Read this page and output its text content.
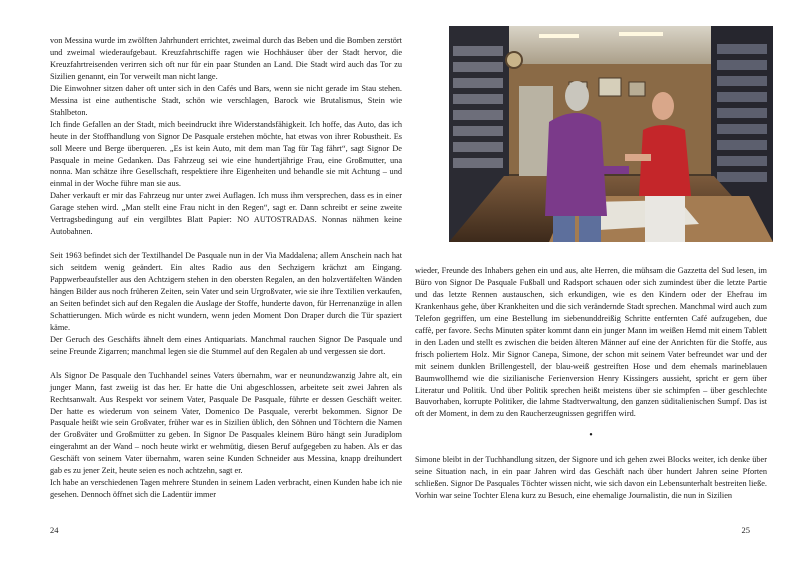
von Messina wurde im zwölften Jahrhundert errichtet, zweimal durch das Beben und die Bomben zerstört und zweimal wiederaufgebaut. Kreuzfahrtschiffe ragen wie Hochhäuser über der Stadt hervor, die Kreuzfahrtreisenden verirren sich oft nur für ein paar Stunden an Land. Die Stadt wird auch das Tor zu Sizilien genannt, ein Tor verweilt man nicht lange.

Die Einwohner sitzen daher oft unter sich in den Cafés und Bars, wenn sie nicht gerade im Stau stehen. Messina ist eine authentische Stadt, schön wie verschlagen, Barock wie Brutalismus, Stein wie Stahlbeton.

Ich finde Gefallen an der Stadt, mich beeindruckt ihre Widerstandsfähigkeit. Ich hoffe, das Auto, das ich heute in der Stoffhandlung von Signor De Pasquale erstehen möchte, hat etwas von ihrer Robustheit. Es soll Meere und Berge überqueren. „Es ist kein Auto, mit dem man Tag für Tag fährt“, sagt Signor De Pasquale in meine Gedanken. Das Fahrzeug sei wie eine hundertjährige Frau, eine Großmutter, una nonna. Man schätze ihre Gesellschaft, respektiere ihre Eigenheiten und behandle sie mit Achtung – und einmal in der Woche führe man sie aus.

Daher verkauft er mir das Fahrzeug nur unter zwei Auflagen. Ich muss ihm versprechen, dass es in einer Garage stehen wird. „Man stellt eine Frau nicht in den Regen“, sagt er. Dann schreibt er seine zweite Vertragsbedingung auf ein vergilbtes Blatt Papier: NO AUTOSTRADAS. Nonnas nähmen keine Autobahnen.

Seit 1963 befindet sich der Textilhandel De Pasquale nun in der Via Maddalena; allem Anschein nach hat sich seitdem wenig geändert. Ein altes Radio aus den Sechzigern krächzt am Eingang. Pappwerbeaufsteller aus den Achtzigern stehen in den obersten Regalen, an den holzvertäfelten Wänden hängen Bilder aus noch früheren Zeiten, sein Vater und sein Urgroßvater, wie sie ihre Textilien verkaufen, an Seiten befindet sich auf den Regalen die Auslage der Stoffe, hunderte davon, für Herrenanzüge in allen Schattierungen. Mich würde es nicht wundern, wenn jeden Moment Don Draper durch die Tür spaziert käme.

Der Geruch des Geschäfts ähnelt dem eines Antiquariats. Manchmal rauchen Signor De Pasquale und seine Freunde Zigarren; manchmal legen sie die Stummel auf den Regalen ab und vergessen sie dort.

Als Signor De Pasquale den Tuchhandel seines Vaters übernahm, war er neunundzwanzig Jahre alt, ein junger Mann, fast zweiig ist das her. Er hatte die Uni abgeschlossen, arbeitete seit zwei Jahren als Rechtsanwalt. Aus Respekt vor seinem Vater, Pasquale De Pasquale, führte er dessen Geschäft weiter. Der hatte es wiederum von seinem Vater, Domenico De Pasquale, vererbt bekommen. Signor De Pasquale heißt wie sein Großvater, früher war es in Sizilien üblich, den Söhnen und Töchtern die Namen der Großväter und Großmütter zu geben. In Signor De Pasquales kleinem Büro hängt sein Juradiplom eingerahmt an der Wand – noch heute wirkt er wehmütig, diesen Beruf aufgegeben zu haben. Als er das Geschäft von seinem Vater übernahm, waren seine Kunden Schneider aus Messina, knapp dreihundert gab es zu jener Zeit, heute seien es noch achtzehn, sagt er.

Ich habe an verschiedenen Tagen mehrere Stunden in seinem Laden verbracht, einen Kunden habe ich nie gesehen. Dennoch öffnet sich die Ladentür immer

wieder, Freunde des Inhabers gehen ein und aus, alte Herren, die mühsam die Gazzetta del Sud lesen, im Büro von Signor De Pasquale Fußball und Radsport schauen oder sich zumindest über die letzte Partie und das letzte Rennen austauschen, sich erkundigen, wie es den Kindern oder der Ehefrau im Krankenhaus gehe, über Krankheiten und die sich verändernde Stadt sprechen. Manchmal wird auch zum Telefon gegriffen, um eine Bestellung im siebenunddreißig Schritte entfernten Café aufzugeben, due caffè, per favore. Sechs Minuten später kommt dann ein junger Mann im weißen Hemd mit einem Tablett in den Laden und stellt es zwischen die beiden älteren Männer auf eine der Anrichten für die Stoffe, aus frisch poliertem Holz. Mir Signor Canepa, Simone, der schon mit seinem Vater befreundet war und der mit seinem dunklen Brillengestell, der blau-weiß gestreiften Hose und dem ehemals marineblauen Baumwollhemd wie die sizilianische Ferienversion Henry Kissingers aussieht, spricht er gern über Literatur und Politik. Und über Politik sprechen heißt meistens über sie schimpfen – über geschlechte Bauvorhaben, korrupte Politiker, die lahme Stadtverwaltung, den ganzen süditalienischen Sumpf. Das ist oft der Moment, in dem zu den Raucherzeugnissen gegriffen wird.

•

Simone bleibt in der Tuchhandlung sitzen, der Signore und ich gehen zwei Blocks weiter, ich denke über seine Situation nach, in ein paar Jahren wird das Geschäft nach über hundert Jahren seine Pforten schließen. Signor De Pasquales Töchter wissen nicht, wie sich davon ein Lebensunterhalt bestreiten ließe. Vorhin war seine Tochter Elena kurz zu Besuch, eine ehemalige Journalistin, die nun in Sizilien

24	25
